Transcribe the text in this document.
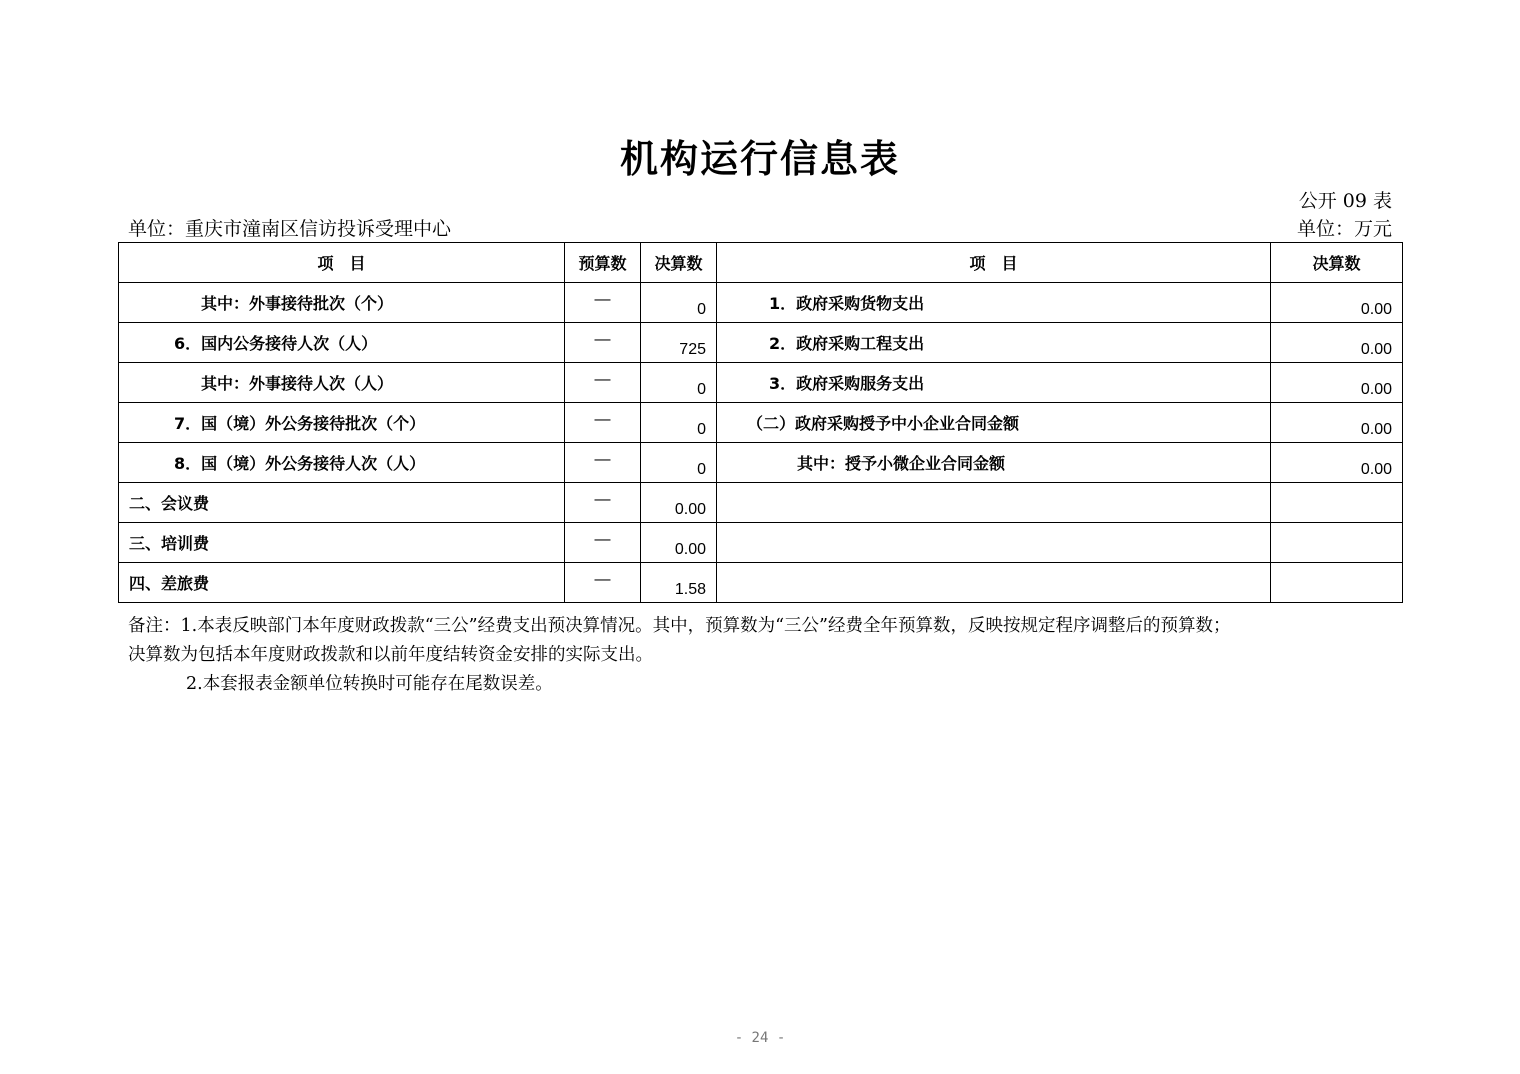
机构运行信息表
公开 09 表
单位：重庆市潼南区信访投诉受理中心	单位：万元
项　目	预算数	决算数	项　目	决算数
其中：外事接待批次（个）	—	0	1．政府采购货物支出	0.00
6．国内公务接待人次（人）	—	725	2．政府采购工程支出	0.00
其中：外事接待人次（人）	—	0	3．政府采购服务支出	0.00
7．国（境）外公务接待批次（个）	—	0	（二）政府采购授予中小企业合同金额	0.00
8．国（境）外公务接待人次（人）	—	0	其中：授予小微企业合同金额	0.00
二、会议费	—	0.00		
三、培训费	—	0.00		
四、差旅费	—	1.58		
备注：1.本表反映部门本年度财政拨款“三公”经费支出预决算情况。其中，预算数为“三公”经费全年预算数，反映按规定程序调整后的预算数；
决算数为包括本年度财政拨款和以前年度结转资金安排的实际支出。
2.本套报表金额单位转换时可能存在尾数误差。
- 24 -
